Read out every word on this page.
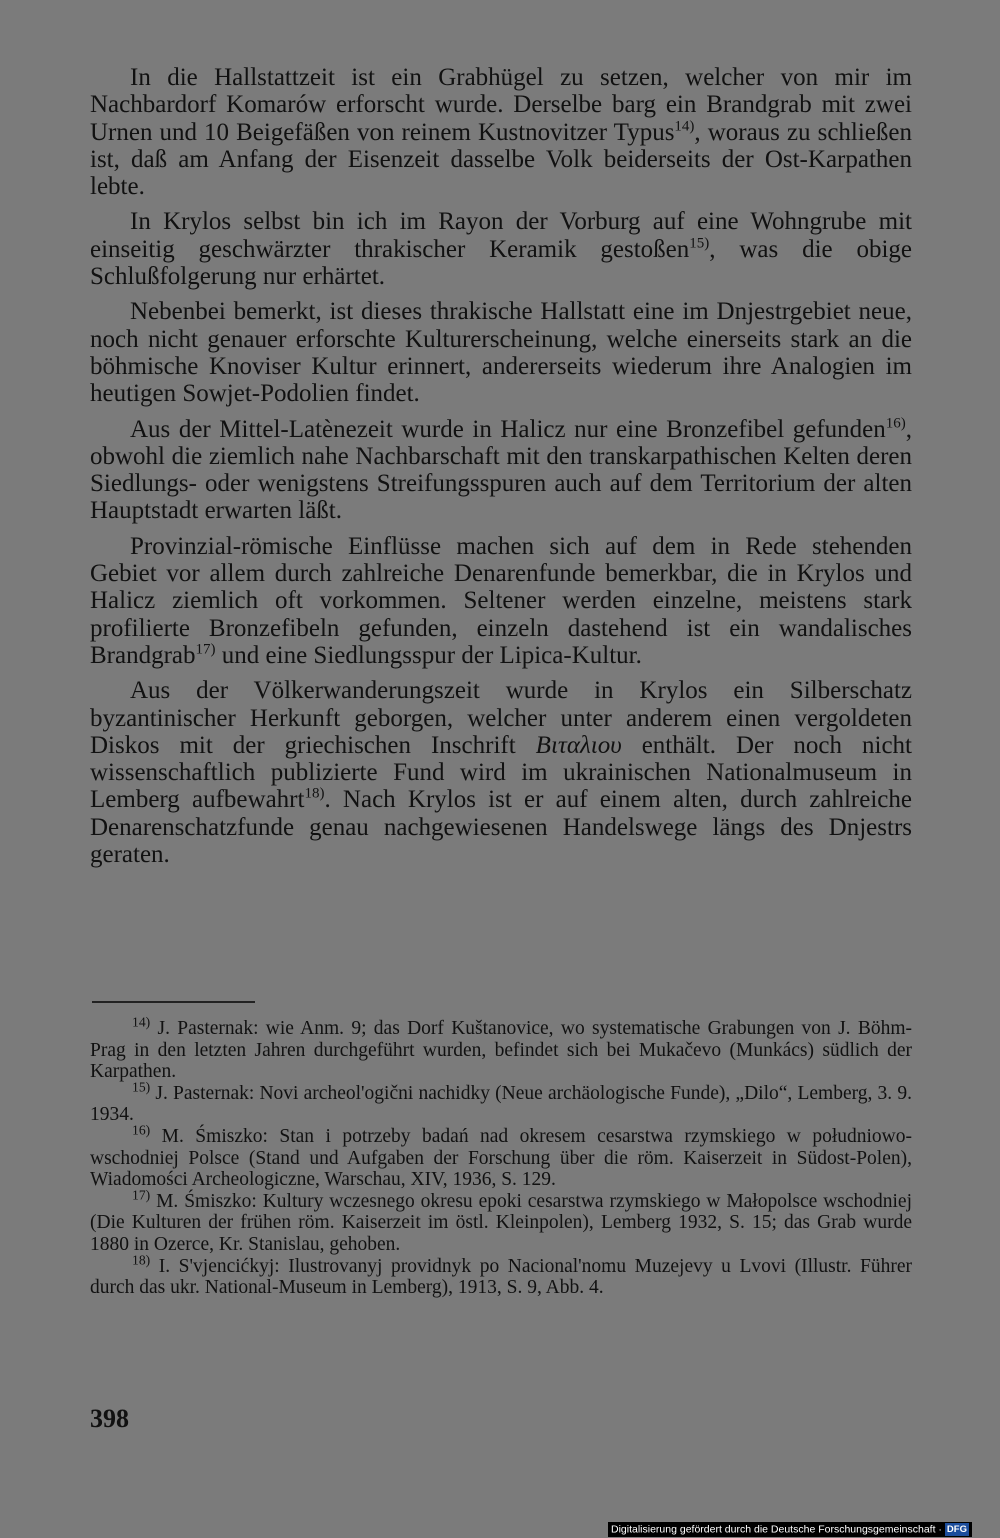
In die Hallstattzeit ist ein Grabhügel zu setzen, welcher von mir im Nachbardorf Komarów erforscht wurde. Derselbe barg ein Brandgrab mit zwei Urnen und 10 Beigefäßen von reinem Kustnovitzer Typus$^{14)}$, woraus zu schließen ist, daß am Anfang der Eisenzeit dasselbe Volk beiderseits der Ost-Karpathen lebte.

In Krylos selbst bin ich im Rayon der Vorburg auf eine Wohngrube mit einseitig geschwärzter thrakischer Keramik gestoßen$^{15)}$, was die obige Schlußfolgerung nur erhärtet.

Nebenbei bemerkt, ist dieses thrakische Hallstatt eine im Dnjestrgebiet neue, noch nicht genauer erforschte Kulturerscheinung, welche einerseits stark an die böhmische Knoviser Kultur erinnert, andererseits wiederum ihre Analogien im heutigen Sowjet-Podolien findet.

Aus der Mittel-Latènezeit wurde in Halicz nur eine Bronzefibel gefunden$^{16)}$, obwohl die ziemlich nahe Nachbarschaft mit den transkarpathischen Kelten deren Siedlungs- oder wenigstens Streifungsspuren auch auf dem Territorium der alten Hauptstadt erwarten läßt.

Provinzial-römische Einflüsse machen sich auf dem in Rede stehenden Gebiet vor allem durch zahlreiche Denarenfunde bemerkbar, die in Krylos und Halicz ziemlich oft vorkommen. Seltener werden einzelne, meistens stark profilierte Bronzefibeln gefunden, einzeln dastehend ist ein wandalisches Brandgrab$^{17)}$ und eine Siedlungsspur der Lipica-Kultur.

Aus der Völkerwanderungszeit wurde in Krylos ein Silberschatz byzantinischer Herkunft geborgen, welcher unter anderem einen vergoldeten Diskos mit der griechischen Inschrift Βιταλιου enthält. Der noch nicht wissenschaftlich publizierte Fund wird im ukrainischen Nationalmuseum in Lemberg aufbewahrt$^{18)}$. Nach Krylos ist er auf einem alten, durch zahlreiche Denarenschatzfunde genau nachgewiesenen Handelswege längs des Dnjestrs geraten.

$^{14)}$ J. Pasternak: wie Anm. 9; das Dorf Kuštanovice, wo systematische Grabungen von J. Böhm-Prag in den letzten Jahren durchgeführt wurden, befindet sich bei Mukačevo (Munkács) südlich der Karpathen.

$^{15)}$ J. Pasternak: Novi archeol'ogični nachidky (Neue archäologische Funde), „Dilo“, Lemberg, 3. 9. 1934.

$^{16)}$ M. Śmiszko: Stan i potrzeby badań nad okresem cesarstwa rzymskiego w południowo-wschodniej Polsce (Stand und Aufgaben der Forschung über die röm. Kaiserzeit in Südost-Polen), Wiadomości Archeologiczne, Warschau, XIV, 1936, S. 129.

$^{17)}$ M. Śmiszko: Kultury wczesnego okresu epoki cesarstwa rzymskiego w Małopolsce wschodniej (Die Kulturen der frühen röm. Kaiserzeit im östl. Kleinpolen), Lemberg 1932, S. 15; das Grab wurde 1880 in Ozerce, Kr. Stanislau, gehoben.

$^{18)}$ I. S'vjencićkyj: Ilustrovanyj providnyk po Nacional'nomu Muzejevy u Lvovi (Illustr. Führer durch das ukr. National-Museum in Lemberg), 1913, S. 9, Abb. 4.

398
Digitalisierung gefördert durch die Deutsche Forschungsgemeinschaft · DFG
